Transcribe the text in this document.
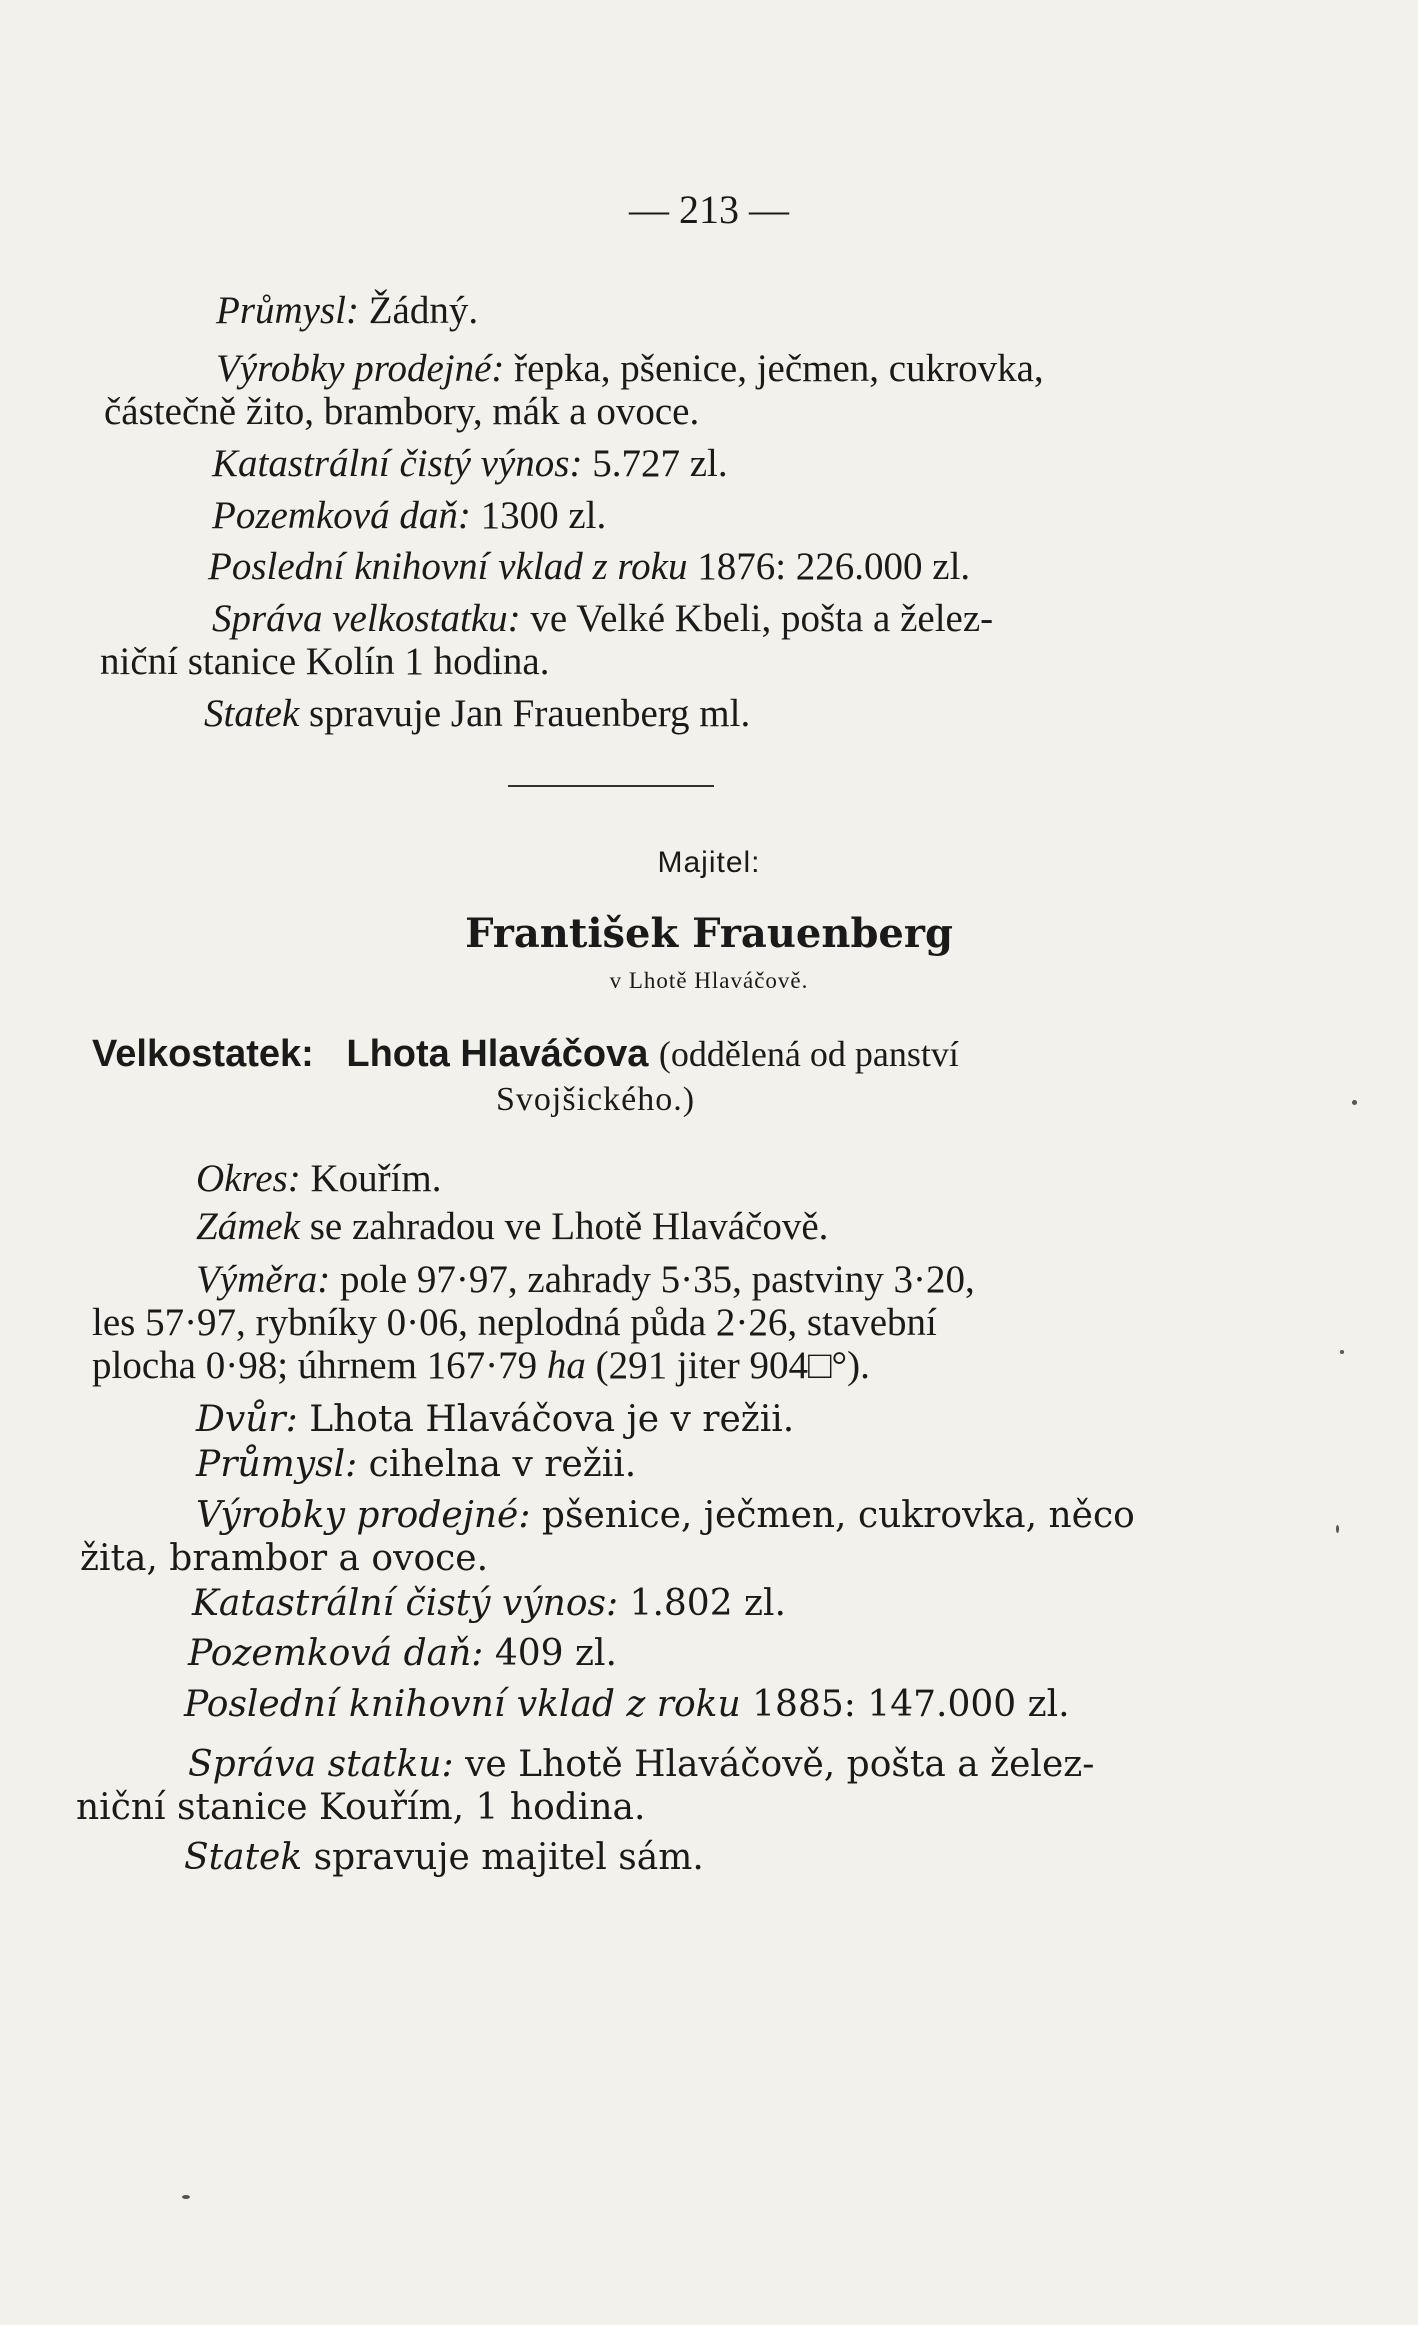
— 213 —
Průmysl: Žádný.
Výrobky prodejné: řepka, pšenice, ječmen, cukrovka,
částečně žito, brambory, mák a ovoce.
Katastrální čistý výnos: 5.727 zl.
Pozemková daň: 1300 zl.
Poslední knihovní vklad z roku 1876: 226.000 zl.
Správa velkostatku: ve Velké Kbeli, pošta a želez-
niční stanice Kolín 1 hodina.
Statek spravuje Jan Frauenberg ml.
Majitel:
František Frauenberg
v Lhotě Hlaváčově.
Velkostatek: Lhota Hlaváčova (oddělená od panství
Svojšického.)
Okres: Kouřím.
Zámek se zahradou ve Lhotě Hlaváčově.
Výměra: pole 97·97, zahrady 5·35, pastviny 3·20,
les 57·97, rybníky 0·06, neplodná půda 2·26, stavební
plocha 0·98; úhrnem 167·79 ha (291 jiter 904□°).
Dvůr: Lhota Hlaváčova je v režii.
Průmysl: cihelna v režii.
Výrobky prodejné: pšenice, ječmen, cukrovka, něco
žita, brambor a ovoce.
Katastrální čistý výnos: 1.802 zl.
Pozemková daň: 409 zl.
Poslední knihovní vklad z roku 1885: 147.000 zl.
Správa statku: ve Lhotě Hlaváčově, pošta a želez-
niční stanice Kouřím, 1 hodina.
Statek spravuje majitel sám.
